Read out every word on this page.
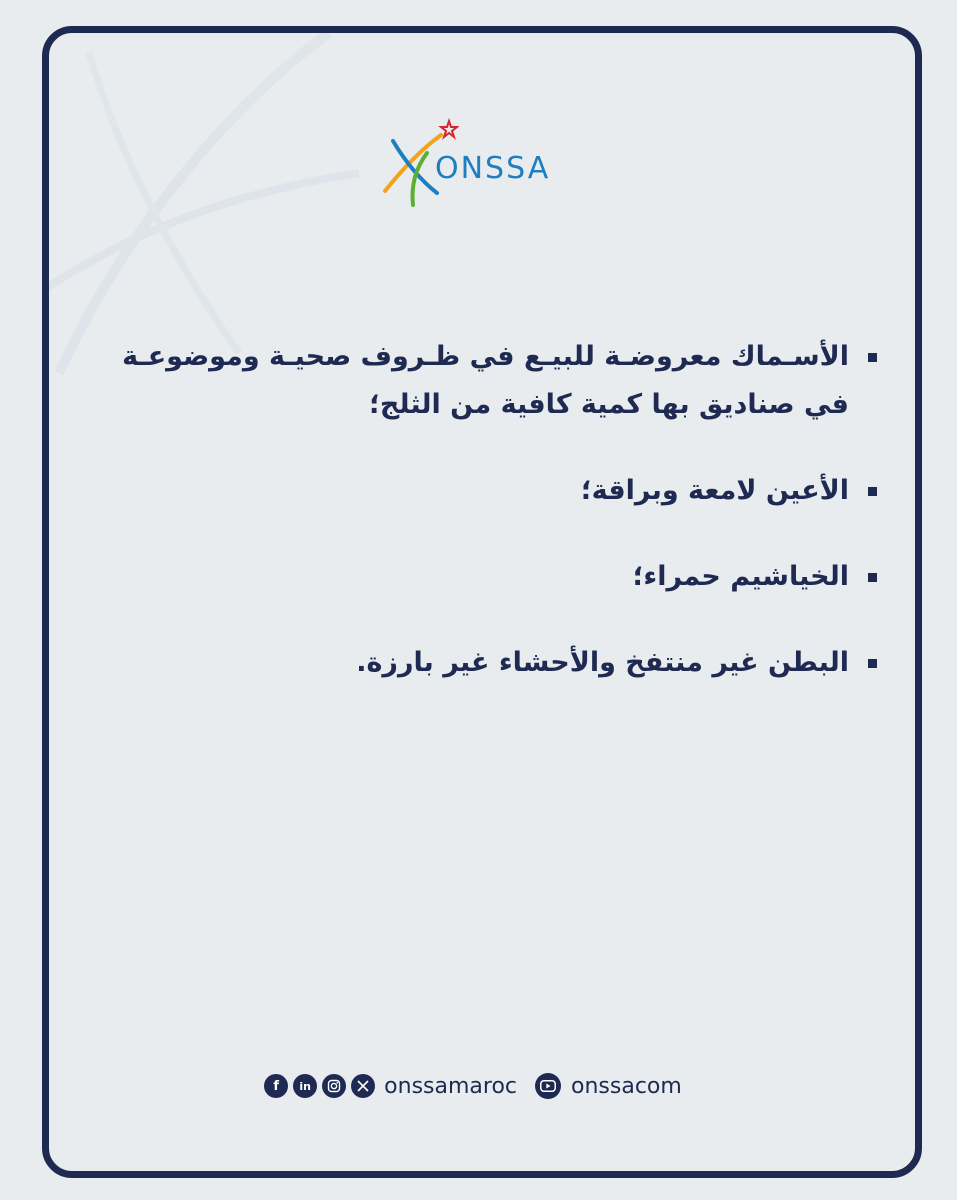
ONSSA
الأسـماك معروضـة للبيـع في ظـروف صحيـة وموضوعـة في صناديق بها كمية كافية من الثلج؛
الأعين لامعة وبراقة؛
الخياشيم حمراء؛
البطن غير منتفخ والأحشاء غير بارزة.
f	in	onssamaroc onssacom
